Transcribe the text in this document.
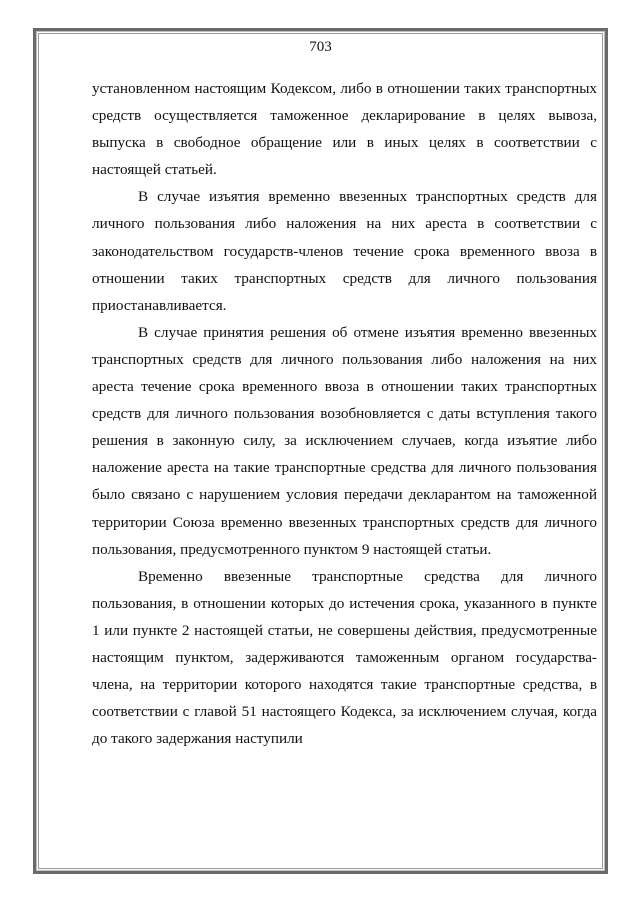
703

установленном настоящим Кодексом, либо в отношении таких транспортных средств осуществляется таможенное декларирование в целях вывоза, выпуска в свободное обращение или в иных целях в соответствии с настоящей статьей.

В случае изъятия временно ввезенных транспортных средств для личного пользования либо наложения на них ареста в соответствии с законодательством государств-членов течение срока временного ввоза в отношении таких транспортных средств для личного пользования приостанавливается.

В случае принятия решения об отмене изъятия временно ввезенных транспортных средств для личного пользования либо наложения на них ареста течение срока временного ввоза в отношении таких транспортных средств для личного пользования возобновляется с даты вступления такого решения в законную силу, за исключением случаев, когда изъятие либо наложение ареста на такие транспортные средства для личного пользования было связано с нарушением условия передачи декларантом на таможенной территории Союза временно ввезенных транспортных средств для личного пользования, предусмотренного пунктом 9 настоящей статьи.

Временно ввезенные транспортные средства для личного пользования, в отношении которых до истечения срока, указанного в пункте 1 или пункте 2 настоящей статьи, не совершены действия, предусмотренные настоящим пунктом, задерживаются таможенным органом государства-члена, на территории которого находятся такие транспортные средства, в соответствии с главой 51 настоящего Кодекса, за исключением случая, когда до такого задержания наступили
